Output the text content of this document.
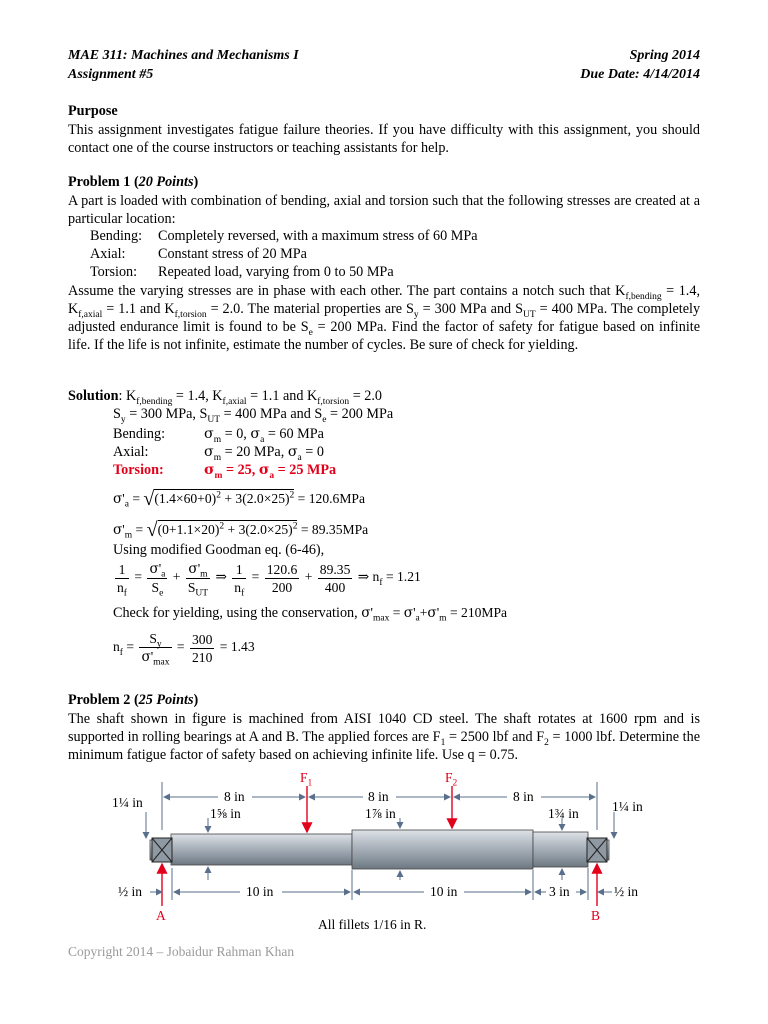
MAE 311: Machines and Mechanisms I
Assignment #5
Spring 2014
Due Date: 4/14/2014
Purpose
This assignment investigates fatigue failure theories. If you have difficulty with this assignment, you should contact one of the course instructors or teaching assistants for help.
Problem 1 (20 Points)
A part is loaded with combination of bending, axial and torsion such that the following stresses are created at a particular location:
Bending: Completely reversed, with a maximum stress of 60 MPa
Axial: Constant stress of 20 MPa
Torsion: Repeated load, varying from 0 to 50 MPa
Assume the varying stresses are in phase with each other. The part contains a notch such that $K_{f,bending} = 1.4$, $K_{f,axial} = 1.1$ and $K_{f,torsion} = 2.0$. The material properties are $S_y = 300$ MPa and $S_{UT} = 400$ MPa. The completely adjusted endurance limit is found to be $S_e = 200$ MPa. Find the factor of safety for fatigue based on infinite life. If the life is not infinite, estimate the number of cycles. Be sure of check for yielding.
Solution: $K_{f,bending} = 1.4$, $K_{f,axial} = 1.1$ and $K_{f,torsion} = 2.0$
$S_y = 300$ MPa, $S_{UT} = 400$ MPa and $S_e = 200$ MPa
Bending:	$\sigma_m = 0$, $\sigma_a = 60$ MPa
Axial:	$\sigma_m = 20$ MPa, $\sigma_a = 0$
Torsion:	$\sigma_m = 25$, $\sigma_a = 25$ MPa
$\sigma'_a = √(1.4\times 60+0)^2 + 3(2.0\times 25)^2 = 120.6MPa$
$\sigma'_m = √(0+1.1\times 20)^2 + 3(2.0\times 25)^2 = 89.35MPa$
Using modified Goodman eq. (6-46),
$\frac{1}{n_f} = \frac{\sigma'_a}{S_e} + \sigma'_m$
$S_{UT}$
⇒ $\frac{1}{n_f} = \frac{120.6}{200} + \frac{89.35}{400}$ ⇒ $n_f = 1.21$
Check for yielding, using the conservation, $\sigma'_{max} = \sigma'_a+\sigma'_m = 210MPa$
$n_f$ =
$S_y$
$\sigma'_{max}$
= $\frac{300}{210} = 1.43$
Problem 2 (25 Points)
The shaft shown in figure is machined from AISI 1040 CD steel. The shaft rotates at 1600 rpm and is supported in rolling bearings at A and B. The applied forces are $F_1 = 2500$ lbf and $F_2 = 1000$ lbf. Determine the minimum fatigue factor of safety based on achieving infinite life. Use q = 0.75.
$F_1$	$F_2$
8 in	8 in	8 in
1¼ in
1⅝ in	1⅞ in	1¾ in 1¼ in
½ in	10 in	10 in	3 in	½ in
A	B
All fillets 1/16 in R.
Copyright 2014 – Jobaidur Rahman Khan
